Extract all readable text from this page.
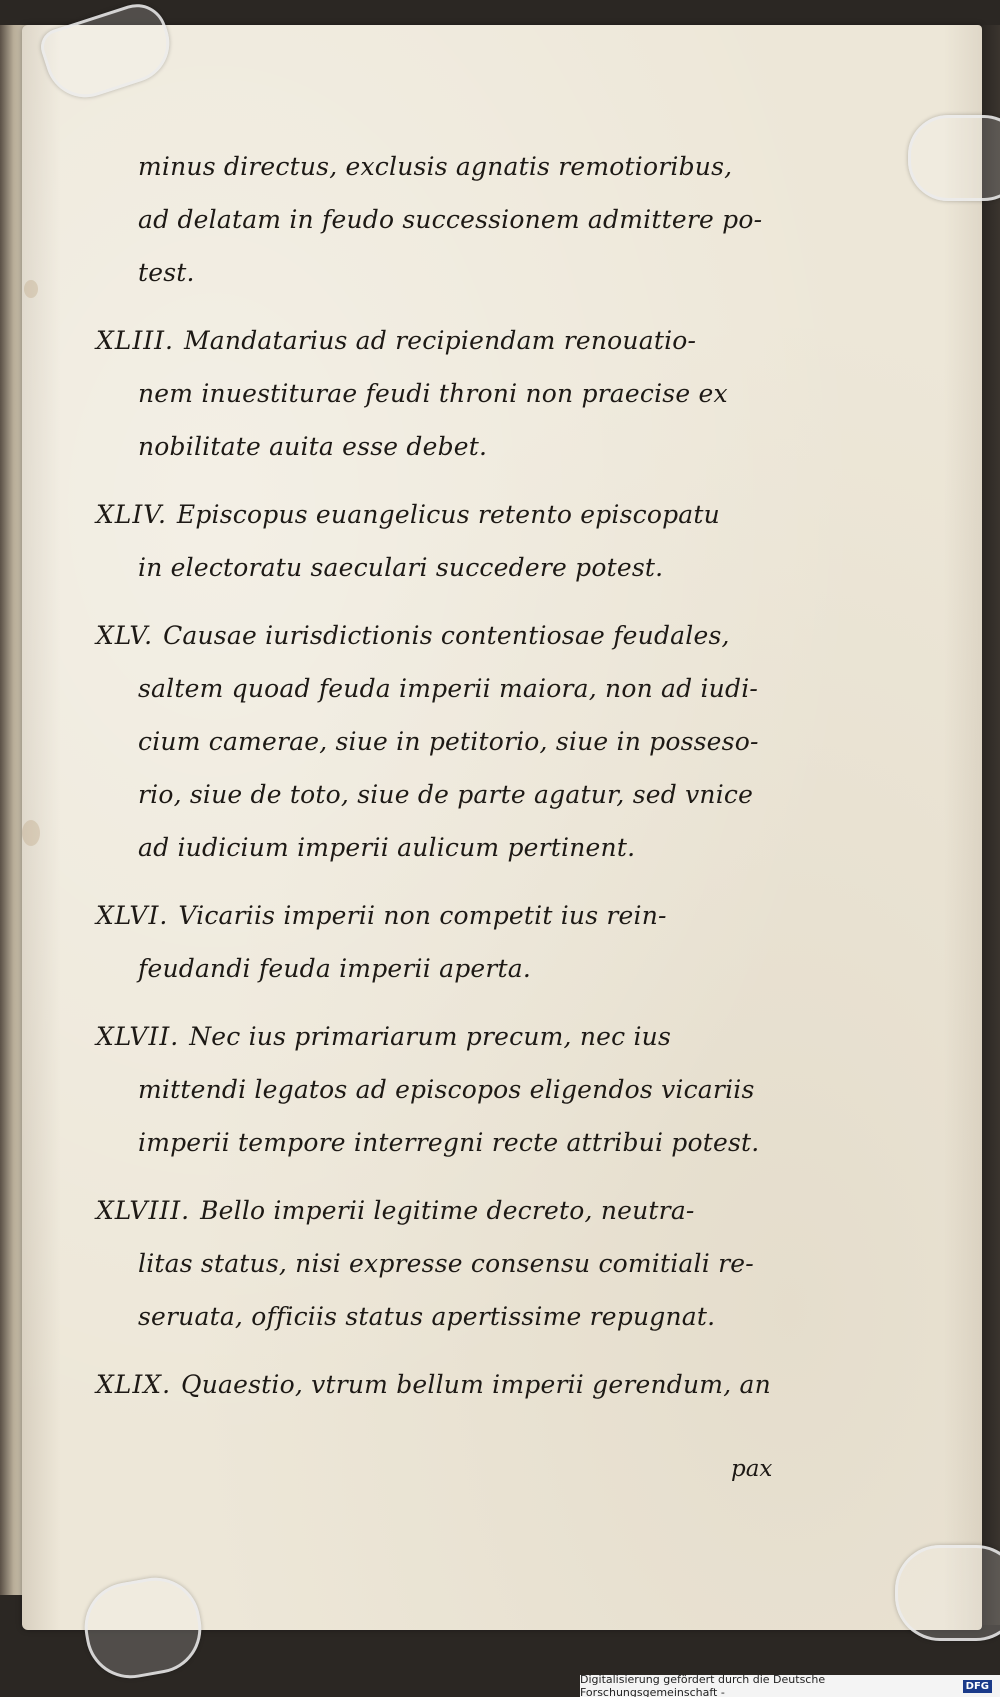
minus directus, exclusis agnatis remotioribus,
ad delatam in feudo successionem admittere po-
test.
XLIII. Mandatarius ad recipiendam renouatio-
nem inuestiturae feudi throni non praecise ex
nobilitate auita esse debet.
XLIV. Episcopus euangelicus retento episcopatu
in electoratu saeculari succedere potest.
XLV. Causae iurisdictionis contentiosae feudales,
saltem quoad feuda imperii maiora, non ad iudi-
cium camerae, siue in petitorio, siue in posseso-
rio, siue de toto, siue de parte agatur, sed vnice
ad iudicium imperii aulicum pertinent.
XLVI. Vicariis imperii non competit ius rein-
feudandi feuda imperii aperta.
XLVII. Nec ius primariarum precum, nec ius
mittendi legatos ad episcopos eligendos vicariis
imperii tempore interregni recte attribui potest.
XLVIII. Bello imperii legitime decreto, neutra-
litas status, nisi expresse consensu comitiali re-
seruata, officiis status apertissime repugnat.
XLIX. Quaestio, vtrum bellum imperii gerendum, an
pax
Digitalisierung gefördert durch die Deutsche Forschungsgemeinschaft -	DFG
